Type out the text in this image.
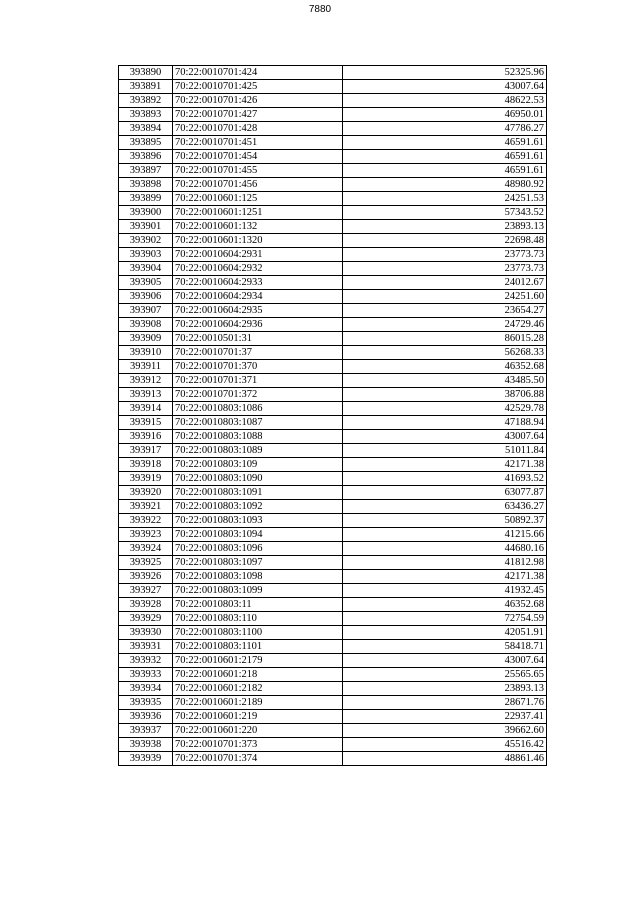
7880
393890	70:22:0010701:424	52325.96
393891	70:22:0010701:425	43007.64
393892	70:22:0010701:426	48622.53
393893	70:22:0010701:427	46950.01
393894	70:22:0010701:428	47786.27
393895	70:22:0010701:451	46591.61
393896	70:22:0010701:454	46591.61
393897	70:22:0010701:455	46591.61
393898	70:22:0010701:456	48980.92
393899	70:22:0010601:125	24251.53
393900	70:22:0010601:1251	57343.52
393901	70:22:0010601:132	23893.13
393902	70:22:0010601:1320	22698.48
393903	70:22:0010604:2931	23773.73
393904	70:22:0010604:2932	23773.73
393905	70:22:0010604:2933	24012.67
393906	70:22:0010604:2934	24251.60
393907	70:22:0010604:2935	23654.27
393908	70:22:0010604:2936	24729.46
393909	70:22:0010501:31	86015.28
393910	70:22:0010701:37	56268.33
393911	70:22:0010701:370	46352.68
393912	70:22:0010701:371	43485.50
393913	70:22:0010701:372	38706.88
393914	70:22:0010803:1086	42529.78
393915	70:22:0010803:1087	47188.94
393916	70:22:0010803:1088	43007.64
393917	70:22:0010803:1089	51011.84
393918	70:22:0010803:109	42171.38
393919	70:22:0010803:1090	41693.52
393920	70:22:0010803:1091	63077.87
393921	70:22:0010803:1092	63436.27
393922	70:22:0010803:1093	50892.37
393923	70:22:0010803:1094	41215.66
393924	70:22:0010803:1096	44680.16
393925	70:22:0010803:1097	41812.98
393926	70:22:0010803:1098	42171.38
393927	70:22:0010803:1099	41932.45
393928	70:22:0010803:11	46352.68
393929	70:22:0010803:110	72754.59
393930	70:22:0010803:1100	42051.91
393931	70:22:0010803:1101	58418.71
393932	70:22:0010601:2179	43007.64
393933	70:22:0010601:218	25565.65
393934	70:22:0010601:2182	23893.13
393935	70:22:0010601:2189	28671.76
393936	70:22:0010601:219	22937.41
393937	70:22:0010601:220	39662.60
393938	70:22:0010701:373	45516.42
393939	70:22:0010701:374	48861.46
